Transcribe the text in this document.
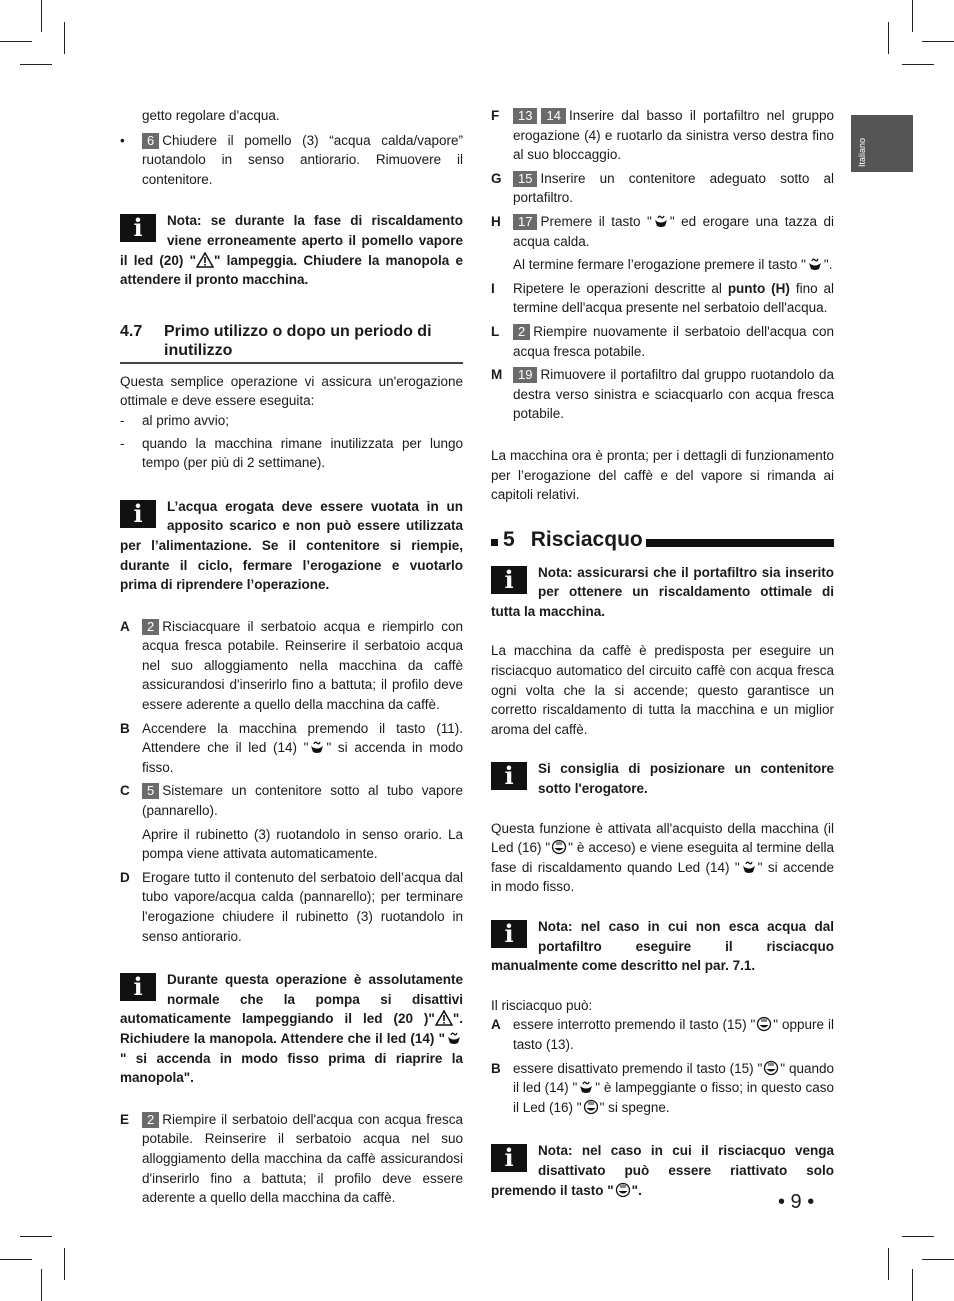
Italiano

getto regolare d'acqua.

•	6 Chiudere il pomello (3) “acqua calda/vapore” ruotandolo in senso antiorario. Rimuovere il contenitore.

i	Nota: se durante la fase di riscaldamento viene erroneamente aperto il pomello vapore il led (20) " " lampeggia. Chiudere la manopola e attendere il pronto macchina.
4.7	Primo utilizzo o dopo un periodo di inutilizzo

Questa semplice operazione vi assicura un'erogazione ottimale e deve essere eseguita:

-	al primo avvio;

-	quando la macchina rimane inutilizzata per lungo tempo (per più di 2 settimane).

i	L’acqua erogata deve essere vuotata in un apposito scarico e non può essere utilizzata per l’alimentazione. Se il contenitore si riempie, durante il ciclo, fermare l’erogazione e vuotarlo prima di riprendere l’operazione.
A	2 Risciacquare il serbatoio acqua e riempirlo con acqua fresca potabile. Reinserire il serbatoio acqua nel suo alloggiamento nella macchina da caffè assicurandosi d'inserirlo fino a battuta; il profilo deve essere aderente a quello della macchina da caffè.

B Accendere la macchina premendo il tasto (11). Attendere che il led (14) " " si accenda in modo fisso.

C	5 Sistemare un contenitore sotto al tubo vapore (pannarello).

Aprire il rubinetto (3) ruotandolo in senso orario. La pompa viene attivata automaticamente.

D Erogare tutto il contenuto del serbatoio dell’acqua dal tubo vapore/acqua calda (pannarello); per terminare l'erogazione chiudere il rubinetto (3) ruotandolo in senso antiorario.

i	Durante questa operazione è assolutamente normale che la pompa si disattivi automaticamente lampeggiando il led (20 )" ". Richiudere la manopola. Attendere che il led (14) "" si accenda in modo fisso prima di riaprire la manopola".
E	2 Riempire il serbatoio dell'acqua con acqua fresca potabile. Reinserire il serbatoio acqua nel suo alloggiamento della macchina da caffè assicurandosi d'inserirlo fino a battuta; il profilo deve essere aderente a quello della macchina da caffè.

F	13 14 Inserire dal basso il portafiltro nel gruppo erogazione (4) e ruotarlo da sinistra verso destra fino al suo bloccaggio.

G	15 Inserire un contenitore adeguato sotto al portafiltro.

H	17 Premere il tasto " " ed erogare una tazza di acqua calda.

Al termine fermare l’erogazione premere il tasto " ".

I	Ripetere le operazioni descritte al punto (H) fino al termine dell'acqua presente nel serbatoio dell'acqua.

L	2 Riempire nuovamente il serbatoio dell'acqua con acqua fresca potabile.

M	19 Rimuovere il portafiltro dal gruppo ruotandolo da destra verso sinistra e sciacquarlo con acqua fresca potabile.

La macchina ora è pronta; per i dettagli di funzionamento per l’erogazione del caffè e del vapore si rimanda ai capitoli relativi.

5 Risciacquo
i	Nota: assicurarsi che il portafiltro sia inserito per ottenere un riscaldamento ottimale di tutta la macchina.

La macchina da caffè è predisposta per eseguire un risciacquo automatico del circuito caffè con acqua fresca ogni volta che la si accende; questo garantisce un corretto riscaldamento di tutta la macchina e un miglior aroma del caffè.

i	Si consiglia di posizionare un contenitore sotto l'erogatore.

Questa funzione è attivata all'acquisto della macchina (il Led (16) " " è acceso) e viene eseguita al termine della fase di riscaldamento quando Led (14) " " si accende in modo fisso.

i	Nota: nel caso in cui non esca acqua dal portafiltro eseguire il risciacquo manualmente come descritto nel par. 7.1.

Il risciacquo può:

A essere interrotto premendo il tasto (15) " " oppure il tasto (13).

B essere disattivato premendo il tasto (15) " " quando il led (14) " " è lampeggiante o fisso; in questo caso il Led (16) " " si spegne.

i	Nota: nel caso in cui il risciacquo venga disattivato può essere riattivato solo premendo il tasto " ".
• 9 •
